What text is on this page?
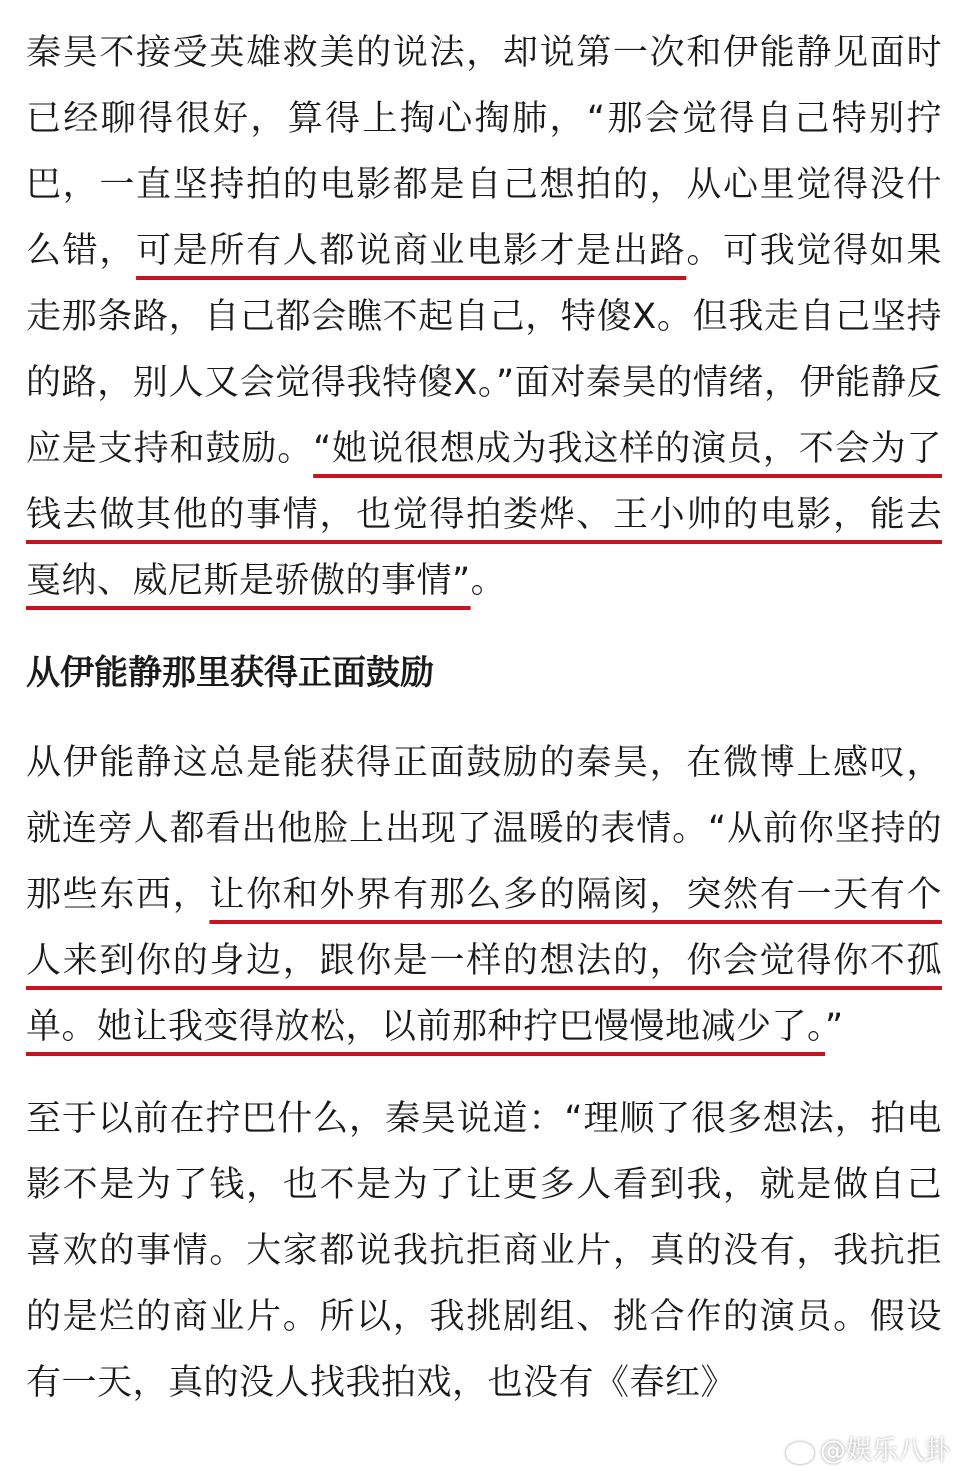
秦昊不接受英雄救美的说法，却说第一次和伊能静见面时已经聊得很好，算得上掏心掏肺，“那会觉得自己特别拧巴，一直坚持拍的电影都是自己想拍的，从心里觉得没什么错，可是所有人都说商业电影才是出路。可我觉得如果走那条路，自己都会瞧不起自己，特傻X。但我走自己坚持的路，别人又会觉得我特傻X。”面对秦昊的情绪，伊能静反应是支持和鼓励。“她说很想成为我这样的演员，不会为了钱去做其他的事情，也觉得拍娄烨、王小帅的电影，能去戛纳、威尼斯是骄傲的事情”。

从伊能静那里获得正面鼓励

从伊能静这总是能获得正面鼓励的秦昊，在微博上感叹，就连旁人都看出他脸上出现了温暖的表情。“从前你坚持的那些东西，让你和外界有那么多的隔阂，突然有一天有个人来到你的身边，跟你是一样的想法的，你会觉得你不孤单。她让我变得放松，以前那种拧巴慢慢地减少了。”

至于以前在拧巴什么，秦昊说道：“理顺了很多想法，拍电影不是为了钱，也不是为了让更多人看到我，就是做自己喜欢的事情。大家都说我抗拒商业片，真的没有，我抗拒的是烂的商业片。所以，我挑剧组、挑合作的演员。假设有一天，真的没人找我拍戏，也没有《春红》

@娱乐八卦
